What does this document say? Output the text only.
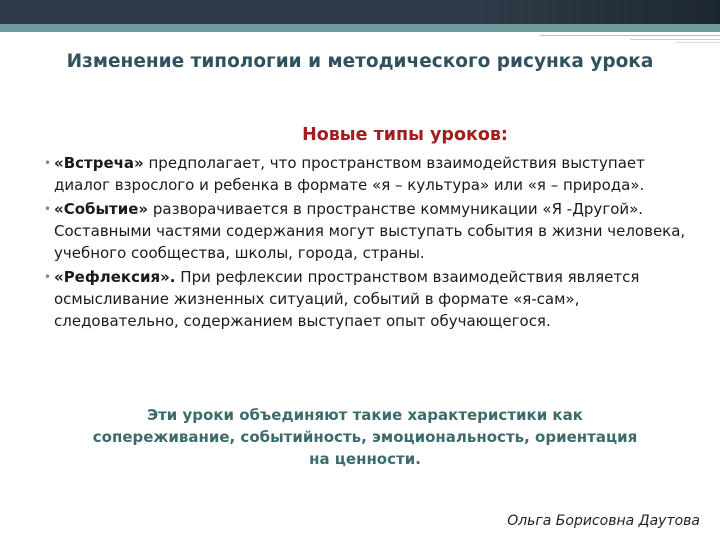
Изменение типологии и методического рисунка урока
Новые типы уроков:
• «Встреча» предполагает, что пространством взаимодействия выступает диалог взрослого и ребенка в формате «я – культура» или «я – природа».
• «Событие» разворачивается в пространстве коммуникации «Я -Другой». Составными частями содержания могут выступать события в жизни человека, учебного сообщества, школы, города, страны.
• «Рефлексия». При рефлексии пространством взаимодействия является осмысливание жизненных ситуаций, событий в формате «я-сам», следовательно, содержанием выступает опыт обучающегося.
Эти уроки объединяют такие характеристики как сопереживание, событийность, эмоциональность, ориентация на ценности.
Ольга Борисовна Даутова
